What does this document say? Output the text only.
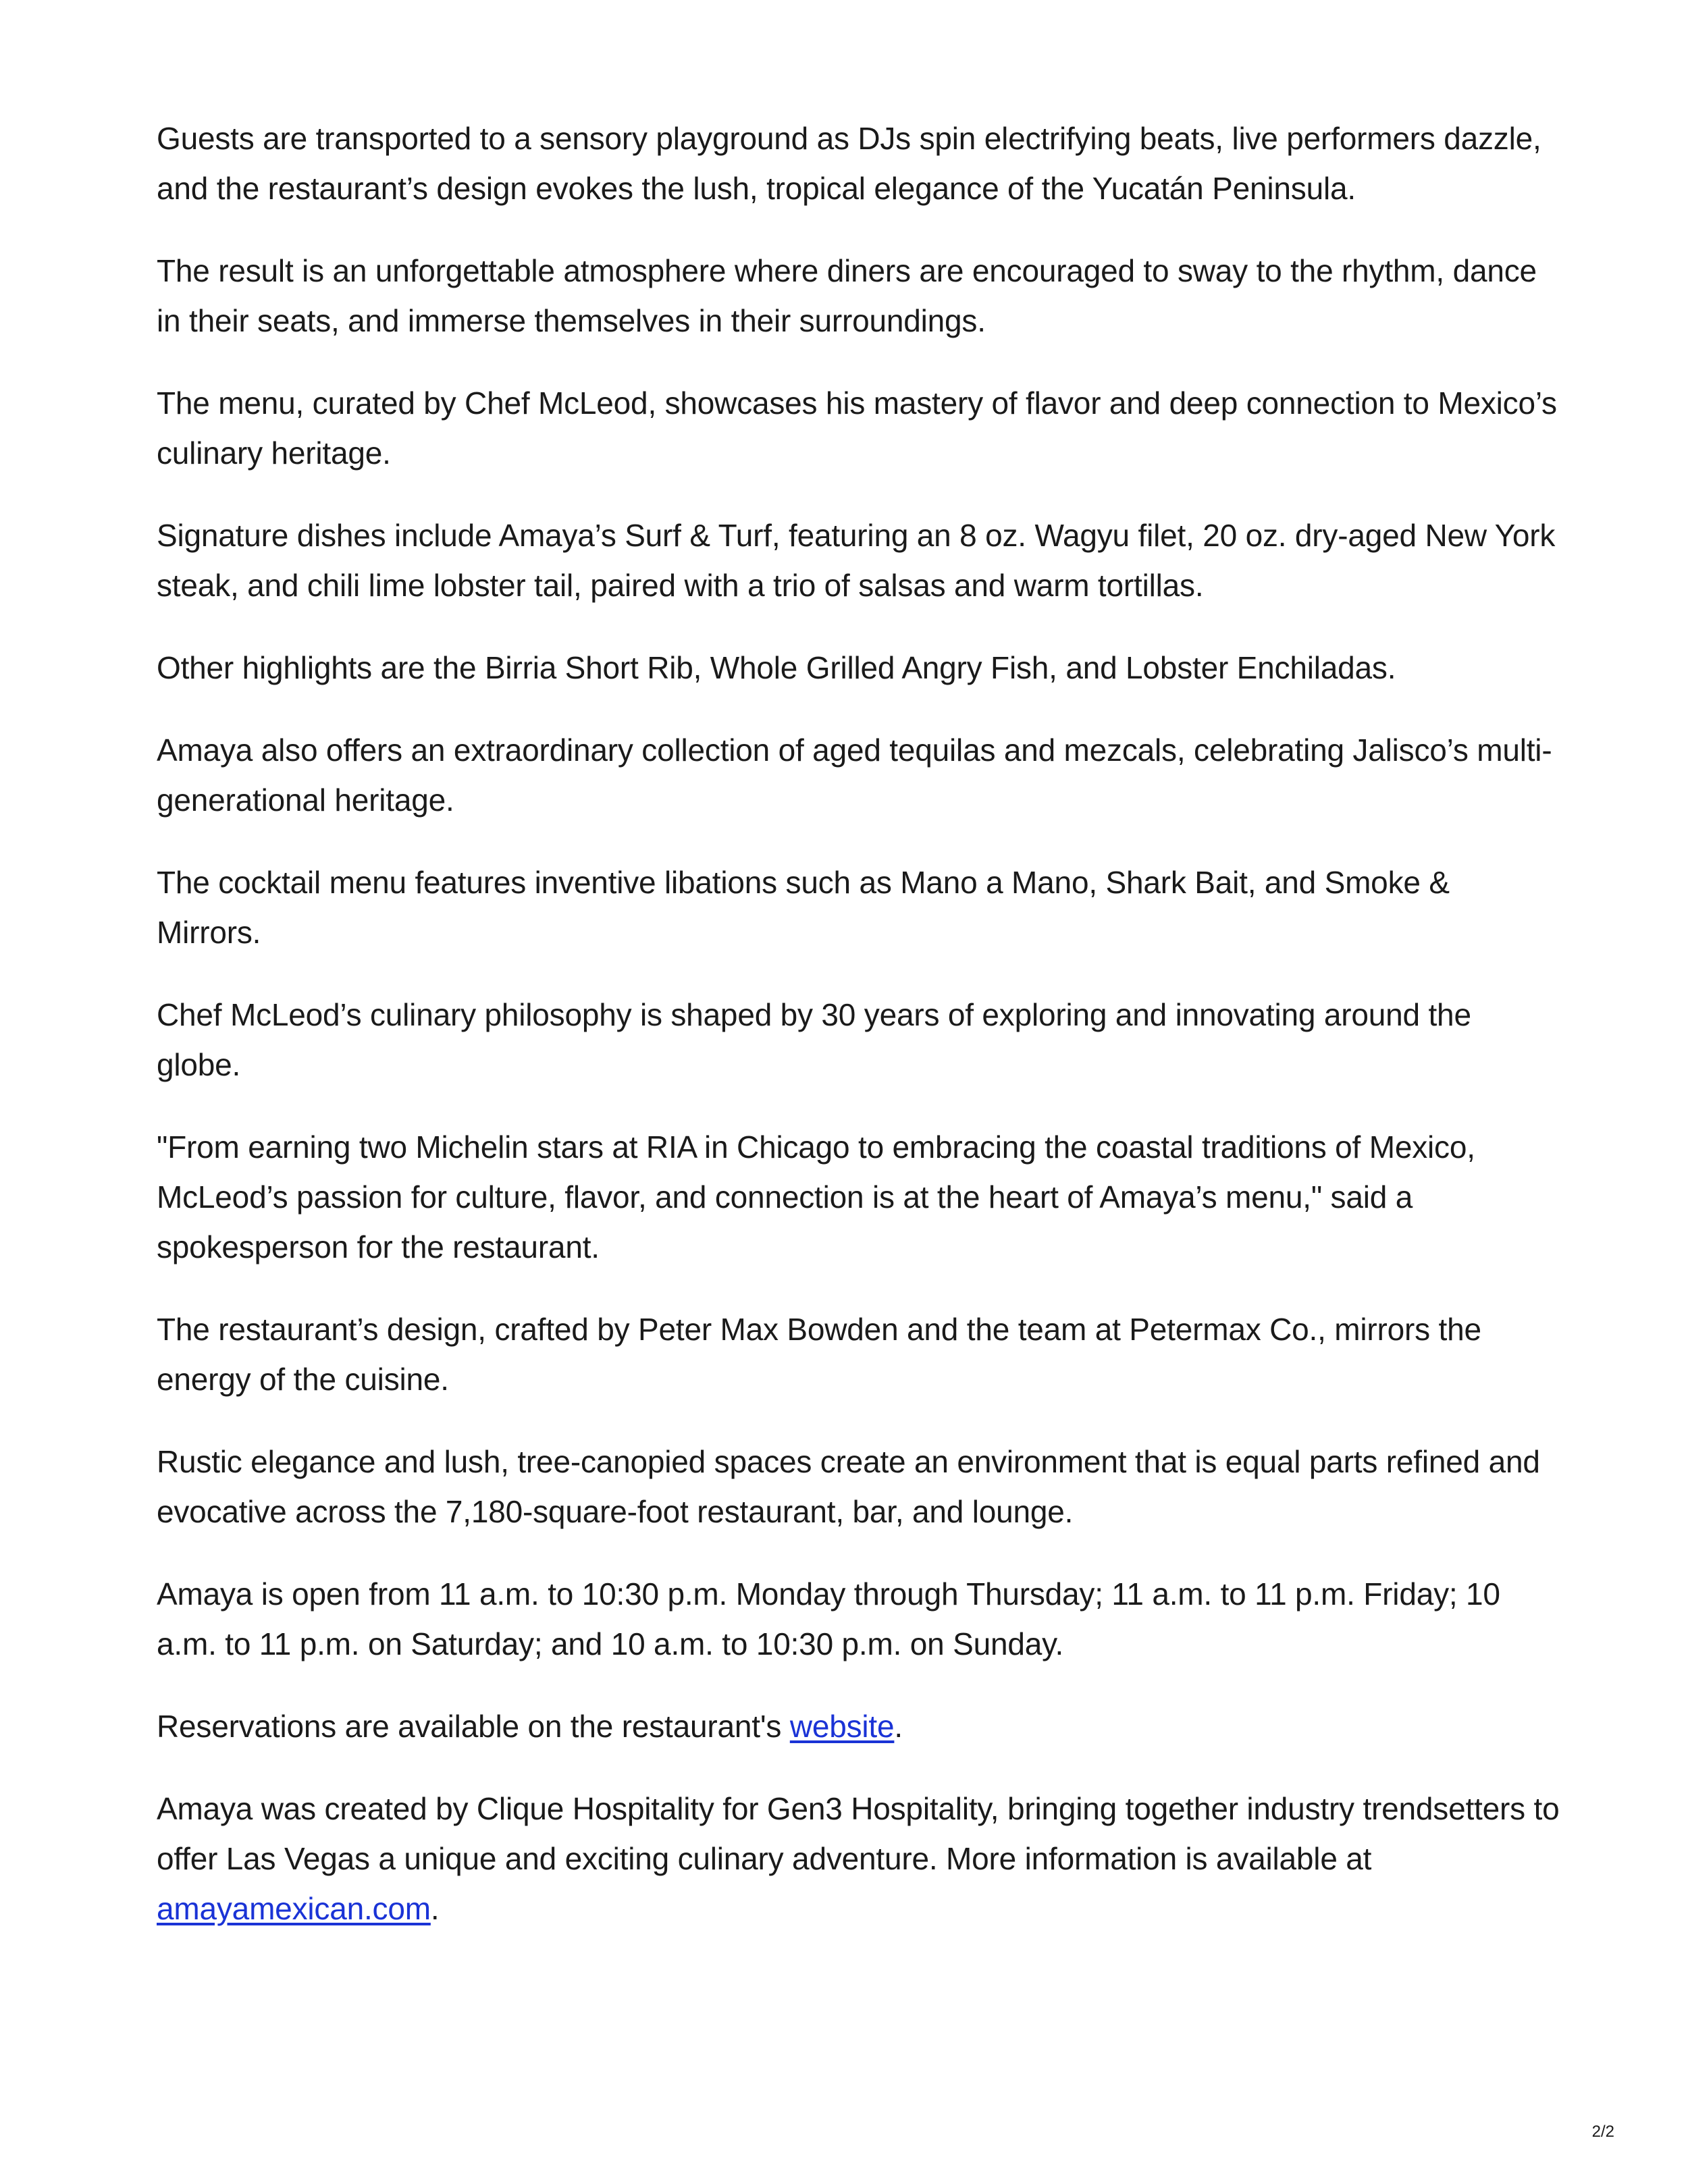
Guests are transported to a sensory playground as DJs spin electrifying beats, live performers dazzle, and the restaurant’s design evokes the lush, tropical elegance of the Yucatán Peninsula.

The result is an unforgettable atmosphere where diners are encouraged to sway to the rhythm, dance in their seats, and immerse themselves in their surroundings.

The menu, curated by Chef McLeod, showcases his mastery of flavor and deep connection to Mexico’s culinary heritage.

Signature dishes include Amaya’s Surf & Turf, featuring an 8 oz. Wagyu filet, 20 oz. dry-aged New York steak, and chili lime lobster tail, paired with a trio of salsas and warm tortillas.

Other highlights are the Birria Short Rib, Whole Grilled Angry Fish, and Lobster Enchiladas.

Amaya also offers an extraordinary collection of aged tequilas and mezcals, celebrating Jalisco’s multi-generational heritage.

The cocktail menu features inventive libations such as Mano a Mano, Shark Bait, and Smoke & Mirrors.

Chef McLeod’s culinary philosophy is shaped by 30 years of exploring and innovating around the globe.

"From earning two Michelin stars at RIA in Chicago to embracing the coastal traditions of Mexico, McLeod’s passion for culture, flavor, and connection is at the heart of Amaya’s menu," said a spokesperson for the restaurant.

The restaurant’s design, crafted by Peter Max Bowden and the team at Petermax Co., mirrors the energy of the cuisine.

Rustic elegance and lush, tree-canopied spaces create an environment that is equal parts refined and evocative across the 7,180-square-foot restaurant, bar, and lounge.

Amaya is open from 11 a.m. to 10:30 p.m. Monday through Thursday; 11 a.m. to 11 p.m. Friday; 10 a.m. to 11 p.m. on Saturday; and 10 a.m. to 10:30 p.m. on Sunday.

Reservations are available on the restaurant's website.

Amaya was created by Clique Hospitality for Gen3 Hospitality, bringing together industry trendsetters to offer Las Vegas a unique and exciting culinary adventure. More information is available at amayamexican.com.

2/2
